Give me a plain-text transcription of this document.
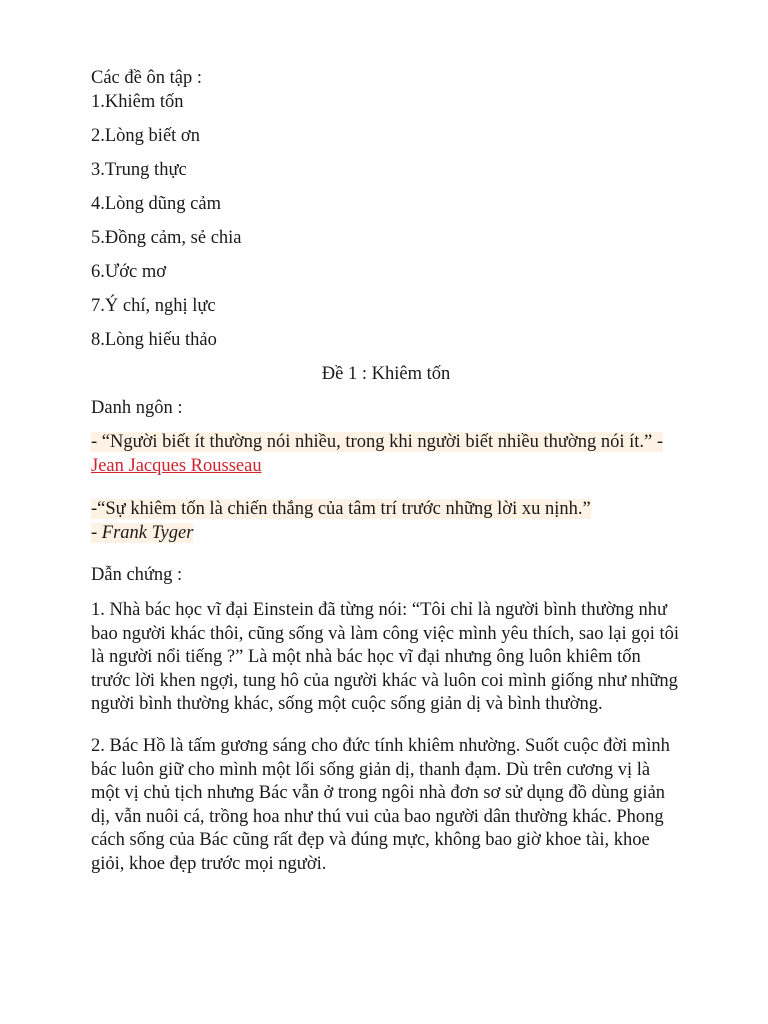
Các đề ôn tập :

1.Khiêm tốn

2.Lòng biết ơn

3.Trung thực

4.Lòng dũng cảm

5.Đồng cảm, sẻ chia

6.Ước mơ

7.Ý chí, nghị lực

8.Lòng hiếu thảo

Đề 1 : Khiêm tốn

Danh ngôn :

- “Người biết ít thường nói nhiều, trong khi người biết nhiều thường nói ít.” - Jean Jacques Rousseau

-“Sự khiêm tốn là chiến thắng của tâm trí trước những lời xu nịnh.”
- Frank Tyger

Dẫn chứng :

1. Nhà bác học vĩ đại Einstein đã từng nói: “Tôi chỉ là người bình thường như bao người khác thôi, cũng sống và làm công việc mình yêu thích, sao lại gọi tôi là người nổi tiếng ?” Là một nhà bác học vĩ đại nhưng ông luôn khiêm tốn trước lời khen ngợi, tung hô của người khác và luôn coi mình giống như những người bình thường khác, sống một cuộc sống giản dị và bình thường.

2. Bác Hồ là tấm gương sáng cho đức tính khiêm nhường. Suốt cuộc đời mình bác luôn giữ cho mình một lối sống giản dị, thanh đạm. Dù trên cương vị là một vị chủ tịch nhưng Bác vẫn ở trong ngôi nhà đơn sơ sử dụng đồ dùng giản dị, vẫn nuôi cá, trồng hoa như thú vui của bao người dân thường khác. Phong cách sống của Bác cũng rất đẹp và đúng mực, không bao giờ khoe tài, khoe giỏi, khoe đẹp trước mọi người.
